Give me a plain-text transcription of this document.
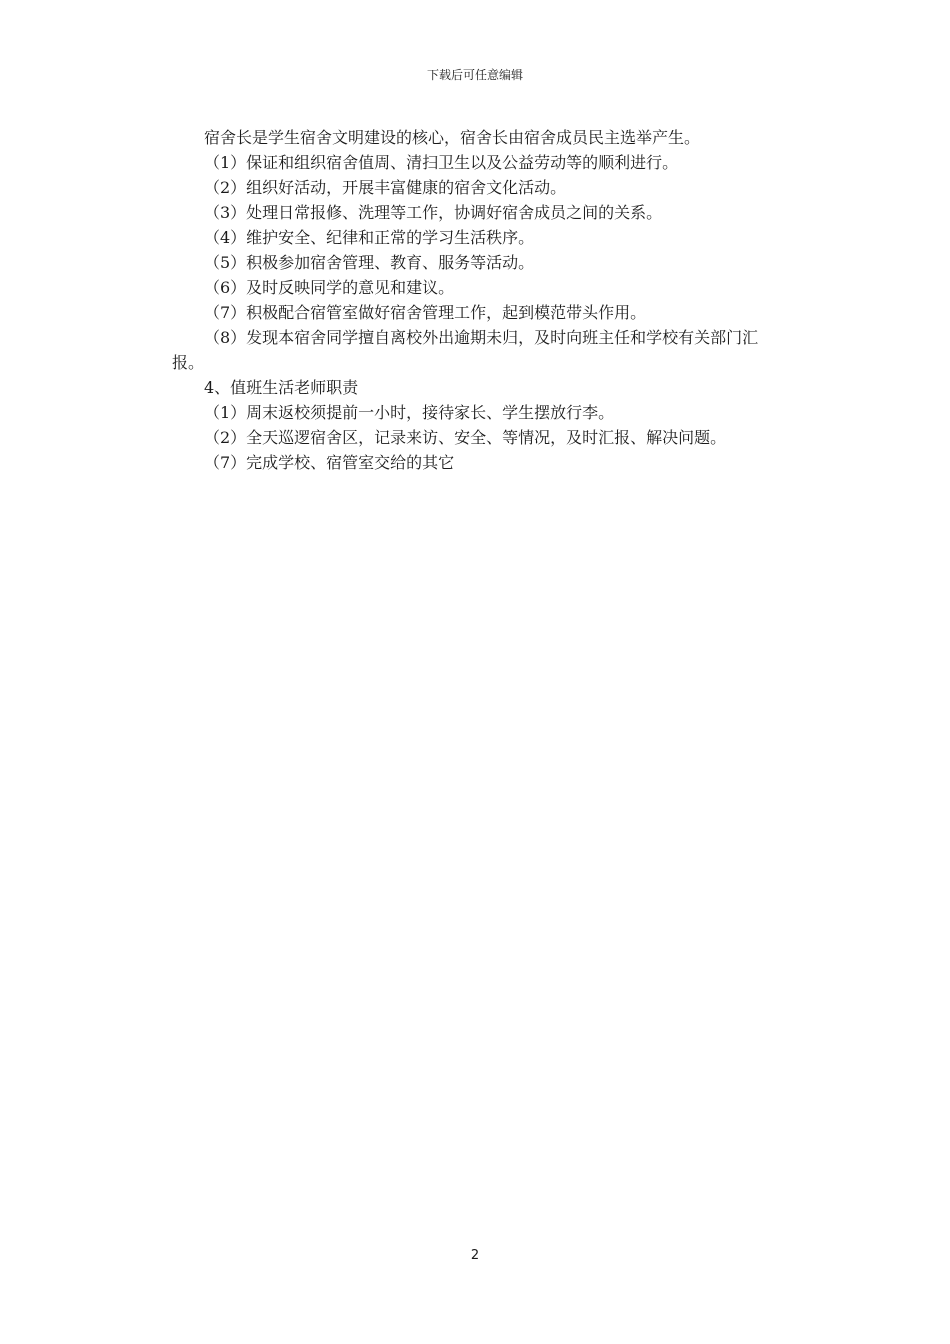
下载后可任意编辑

宿舍长是学生宿舍文明建设的核心，宿舍长由宿舍成员民主选举产生。

（1）保证和组织宿舍值周、清扫卫生以及公益劳动等的顺利进行。

（2）组织好活动，开展丰富健康的宿舍文化活动。

（3）处理日常报修、洗理等工作，协调好宿舍成员之间的关系。

（4）维护安全、纪律和正常的学习生活秩序。

（5）积极参加宿舍管理、教育、服务等活动。

（6）及时反映同学的意见和建议。

（7）积极配合宿管室做好宿舍管理工作，起到模范带头作用。

（8）发现本宿舍同学擅自离校外出逾期未归，及时向班主任和学校有关部门汇报。

4、值班生活老师职责

（1）周末返校须提前一小时，接待家长、学生摆放行李。

（2）全天巡逻宿舍区，记录来访、安全、等情况，及时汇报、解决问题。

（7）完成学校、宿管室交给的其它

2
